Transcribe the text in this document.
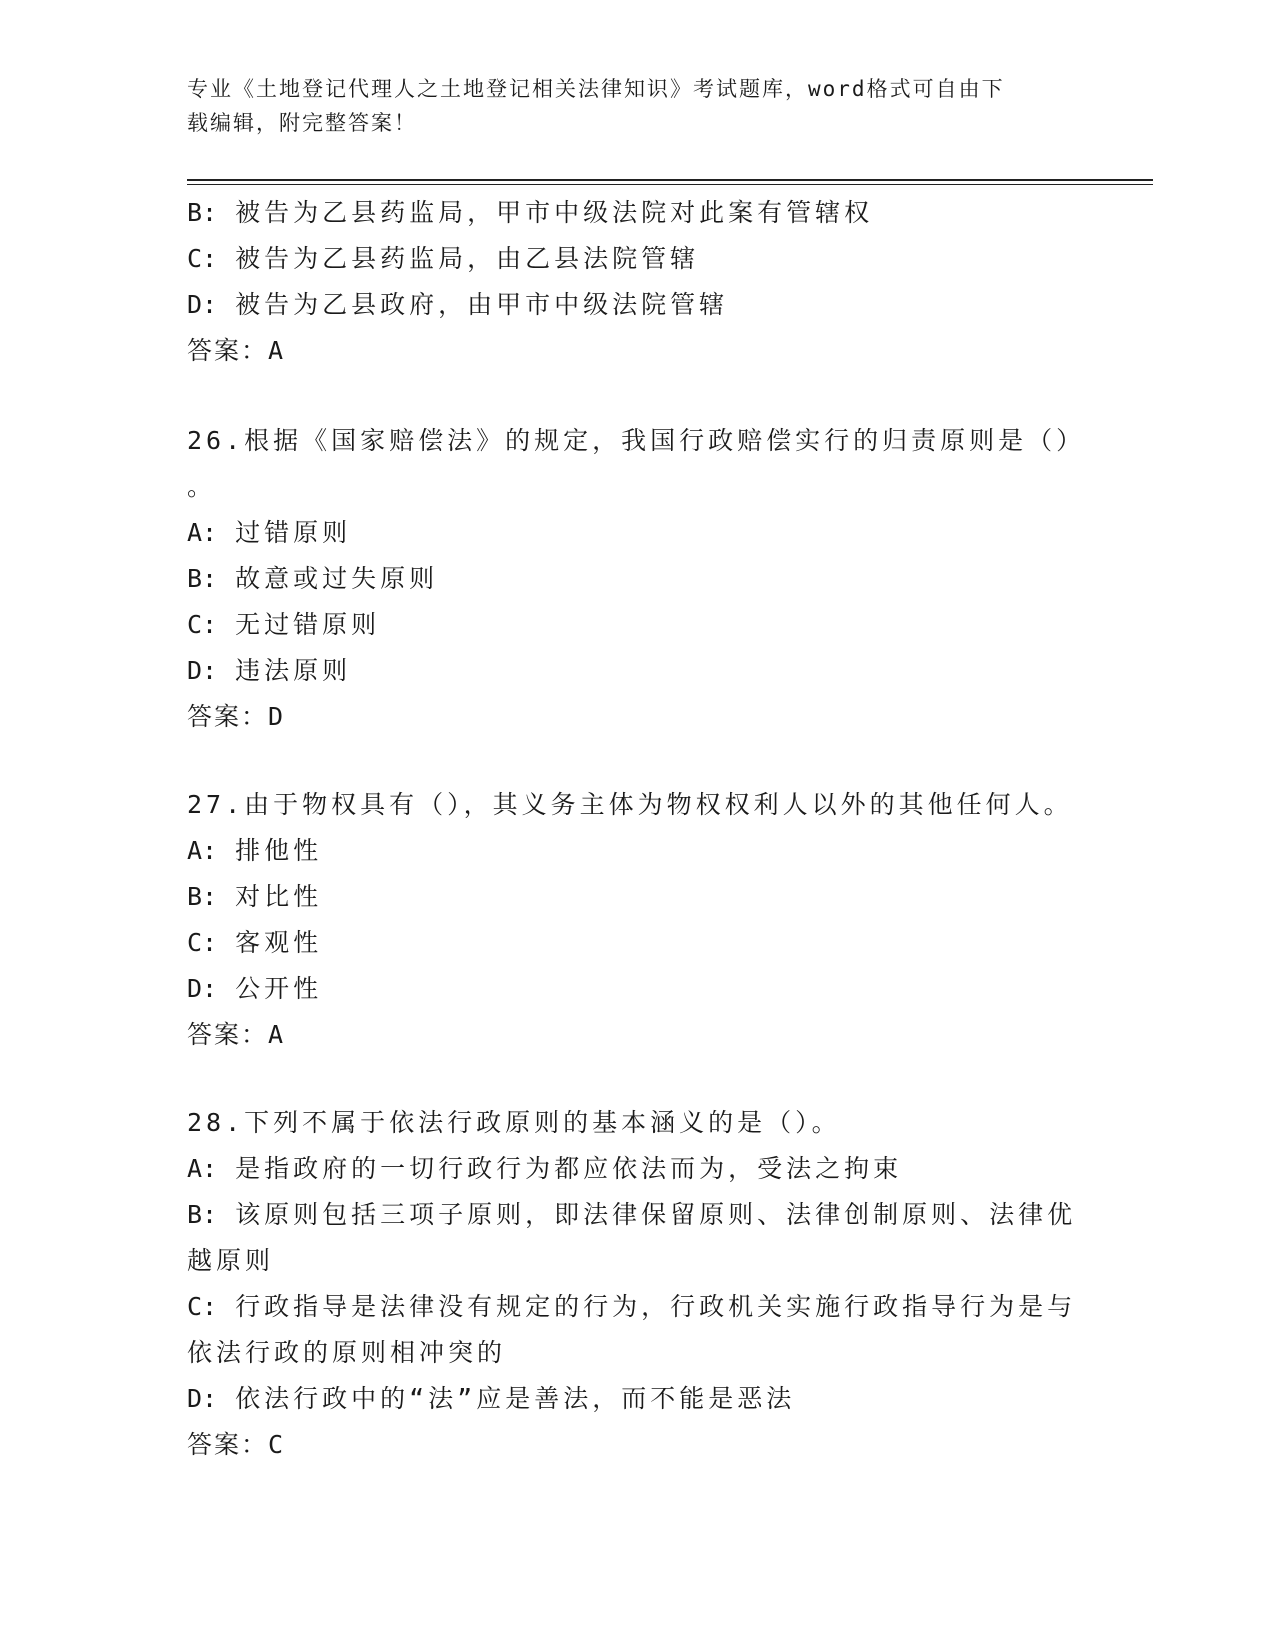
专业《土地登记代理人之土地登记相关法律知识》考试题库，word格式可自由下
载编辑，附完整答案！
B: 被告为乙县药监局，甲市中级法院对此案有管辖权
C: 被告为乙县药监局，由乙县法院管辖
D: 被告为乙县政府，由甲市中级法院管辖
答案：A
26.根据《国家赔偿法》的规定，我国行政赔偿实行的归责原则是（）
。
A: 过错原则
B: 故意或过失原则
C: 无过错原则
D: 违法原则
答案：D
27.由于物权具有（），其义务主体为物权权利人以外的其他任何人。
A: 排他性
B: 对比性
C: 客观性
D: 公开性
答案：A
28.下列不属于依法行政原则的基本涵义的是（）。
A: 是指政府的一切行政行为都应依法而为，受法之拘束
B: 该原则包括三项子原则，即法律保留原则、法律创制原则、法律优
越原则
C: 行政指导是法律没有规定的行为，行政机关实施行政指导行为是与
依法行政的原则相冲突的
D: 依法行政中的“法”应是善法，而不能是恶法
答案：C
